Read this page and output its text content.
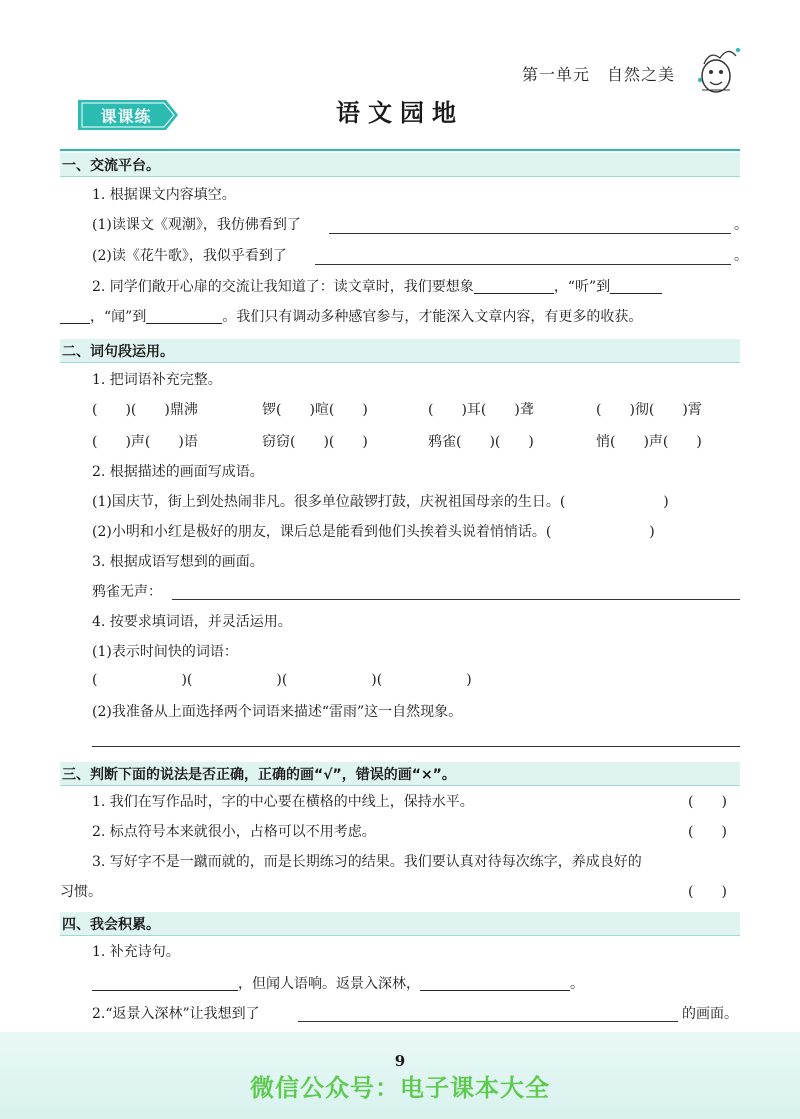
第一单元　自然之美
课课练	语文园地
一、交流平台。
1. 根据课文内容填空。
(1)读课文《观潮》，我仿佛看到了	。
(2)读《花牛歌》，我似乎看到了	。
2. 同学们敞开心扉的交流让我知道了：读文章时，我们要想象	，“听”到
，“闻”到	。我们只有调动多种感官参与，才能深入文章内容，有更多的收获。
二、词句段运用。
1. 把词语补充完整。
(　　)(　　)鼎沸	锣(　　)喧(　　)	(　　)耳(　　)聋	(　　)彻(　　)霄
(　　)声(　　)语	窃窃(　　)(　　)	鸦雀(　　)(　　)	悄(　　)声(　　)
2. 根据描述的画面写成语。
(1)国庆节，街上到处热闹非凡。很多单位敲锣打鼓，庆祝祖国母亲的生日。(　　　　　　　)
(2)小明和小红是极好的朋友，课后总是能看到他们头挨着头说着悄悄话。(　　　　　　　)
3. 根据成语写想到的画面。
鸦雀无声：
4. 按要求填词语，并灵活运用。
(1)表示时间快的词语：
(　　　　　　)(　　　　　　)(　　　　　　)(　　　　　　)
(2)我准备从上面选择两个词语来描述“雷雨”这一自然现象。
三、判断下面的说法是否正确，正确的画“√”，错误的画“×”。
1. 我们在写作品时，字的中心要在横格的中线上，保持水平。	(　　)
2. 标点符号本来就很小，占格可以不用考虑。	(　　)
3. 写好字不是一蹴而就的，而是长期练习的结果。我们要认真对待每次练字，养成良好的
习惯。	(　　)
四、我会积累。
1. 补充诗句。
，但闻人语响。返景入深林，	。
2.“返景入深林”让我想到了	的画面。
9
微信公众号：电子课本大全
